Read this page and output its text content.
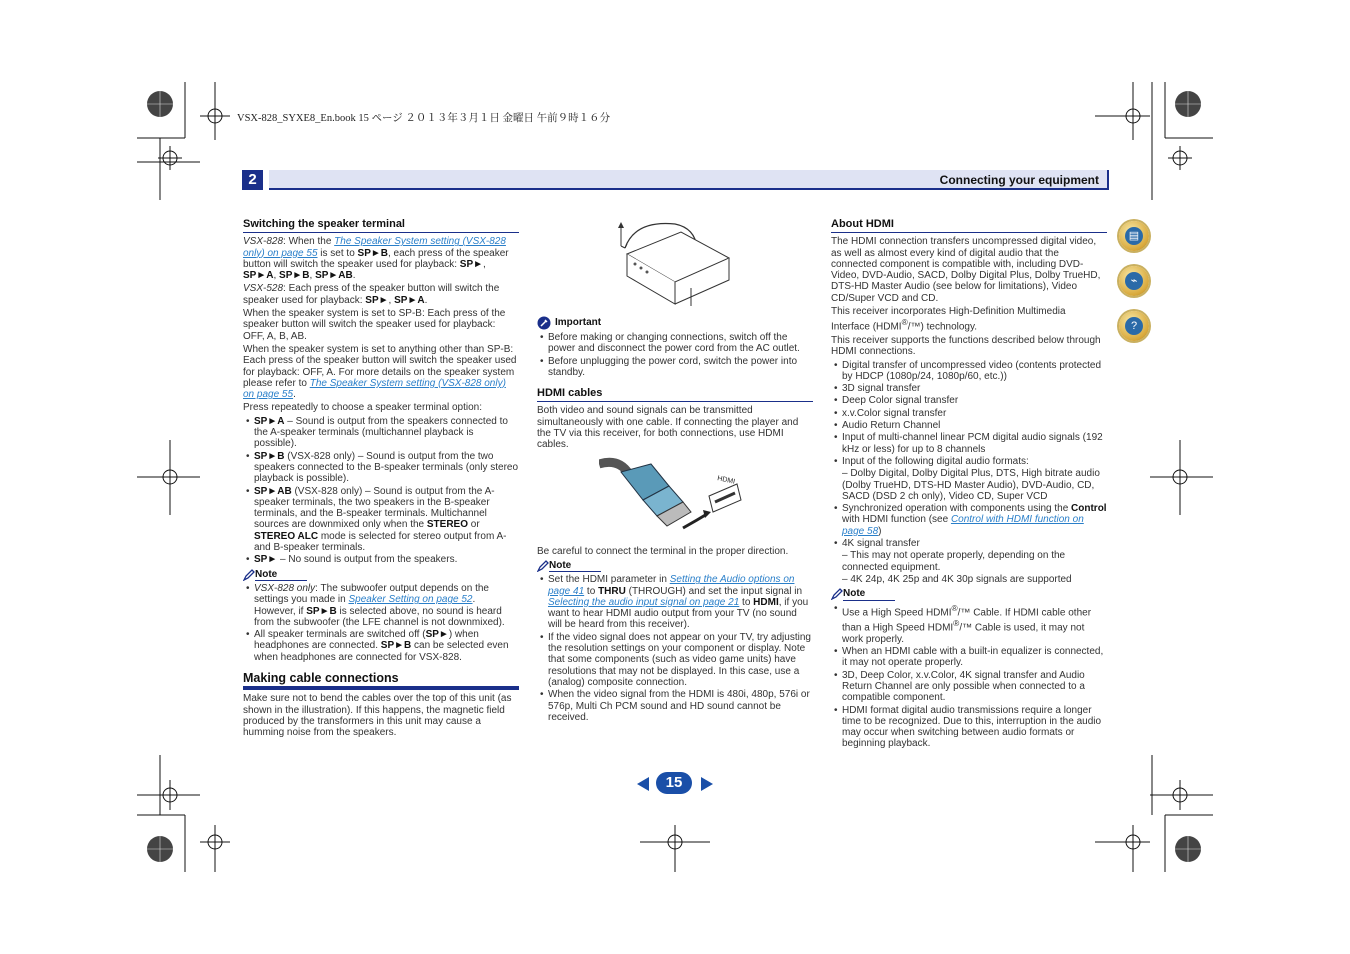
VSX-828_SYXE8_En.book 15 ページ ２０１３年３月１日 金曜日 午前９時１６分
2	Connecting your equipment
Switching the speaker terminal

VSX-828: When the The Speaker System setting (VSX-828 only) on page 55 is set to SP►B, each press of the speaker button will switch the speaker used for playback: SP►, SP►A, SP►B, SP►AB.

VSX-528: Each press of the speaker button will switch the speaker used for playback: SP►, SP►A.

When the speaker system is set to SP-B: Each press of the speaker button will switch the speaker used for playback: OFF, A, B, AB.

When the speaker system is set to anything other than SP-B: Each press of the speaker button will switch the speaker used for playback: OFF, A. For more details on the speaker system please refer to The Speaker System setting (VSX-828 only) on page 55.

Press repeatedly to choose a speaker terminal option:

• SP►A – Sound is output from the speakers connected to the A-speaker terminals (multichannel playback is possible).
• SP►B (VSX-828 only) – Sound is output from the two speakers connected to the B-speaker terminals (only stereo playback is possible).
• SP►AB (VSX-828 only) – Sound is output from the A-speaker terminals, the two speakers in the B-speaker terminals, and the B-speaker terminals. Multichannel sources are downmixed only when the STEREO or STEREO ALC mode is selected for stereo output from A- and B-speaker terminals.
• SP► – No sound is output from the speakers.
Note
• VSX-828 only: The subwoofer output depends on the settings you made in Speaker Setting on page 52. However, if SP►B is selected above, no sound is heard from the subwoofer (the LFE channel is not downmixed).
• All speaker terminals are switched off (SP►) when headphones are connected. SP►B can be selected even when headphones are connected for VSX-828.
Making cable connections

Make sure not to bend the cables over the top of this unit (as shown in the illustration). If this happens, the magnetic field produced by the transformers in this unit may cause a humming noise from the speakers.

Important
• Before making or changing connections, switch off the power and disconnect the power cord from the AC outlet.
• Before unplugging the power cord, switch the power into standby.
HDMI cables

Both video and sound signals can be transmitted simultaneously with one cable. If connecting the player and the TV via this receiver, for both connections, use HDMI cables.

HDMI

Be careful to connect the terminal in the proper direction.

Note
• Set the HDMI parameter in Setting the Audio options on page 41 to THRU (THROUGH) and set the input signal in Selecting the audio input signal on page 21 to HDMI, if you want to hear HDMI audio output from your TV (no sound will be heard from this receiver).
• If the video signal does not appear on your TV, try adjusting the resolution settings on your component or display. Note that some components (such as video game units) have resolutions that may not be displayed. In this case, use a (analog) composite connection.
• When the video signal from the HDMI is 480i, 480p, 576i or 576p, Multi Ch PCM sound and HD sound cannot be received.
About HDMI

The HDMI connection transfers uncompressed digital video, as well as almost every kind of digital audio that the connected component is compatible with, including DVD-Video, DVD-Audio, SACD, Dolby Digital Plus, Dolby TrueHD, DTS-HD Master Audio (see below for limitations), Video CD/Super VCD and CD.

This receiver incorporates High-Definition Multimedia Interface (HDMI®/™) technology.

This receiver supports the functions described below through HDMI connections.

• Digital transfer of uncompressed video (contents protected by HDCP (1080p/24, 1080p/60, etc.))
• 3D signal transfer
• Deep Color signal transfer
• x.v.Color signal transfer
• Audio Return Channel
• Input of multi-channel linear PCM digital audio signals (192 kHz or less) for up to 8 channels
• Input of the following digital audio formats:
– Dolby Digital, Dolby Digital Plus, DTS, High bitrate audio (Dolby TrueHD, DTS-HD Master Audio), DVD-Audio, CD, SACD (DSD 2 ch only), Video CD, Super VCD
• Synchronized operation with components using the Control with HDMI function (see Control with HDMI function on page 58)
• 4K signal transfer
– This may not operate properly, depending on the connected equipment.
– 4K 24p, 4K 25p and 4K 30p signals are supported
Note
• Use a High Speed HDMI®/™ Cable. If HDMI cable other than a High Speed HDMI®/™ Cable is used, it may not work properly.
• When an HDMI cable with a built-in equalizer is connected, it may not operate properly.
• 3D, Deep Color, x.v.Color, 4K signal transfer and Audio Return Channel are only possible when connected to a compatible component.
• HDMI format digital audio transmissions require a longer time to be recognized. Due to this, interruption in the audio may occur when switching between audio formats or beginning playback.
▤
⌁
?
15
